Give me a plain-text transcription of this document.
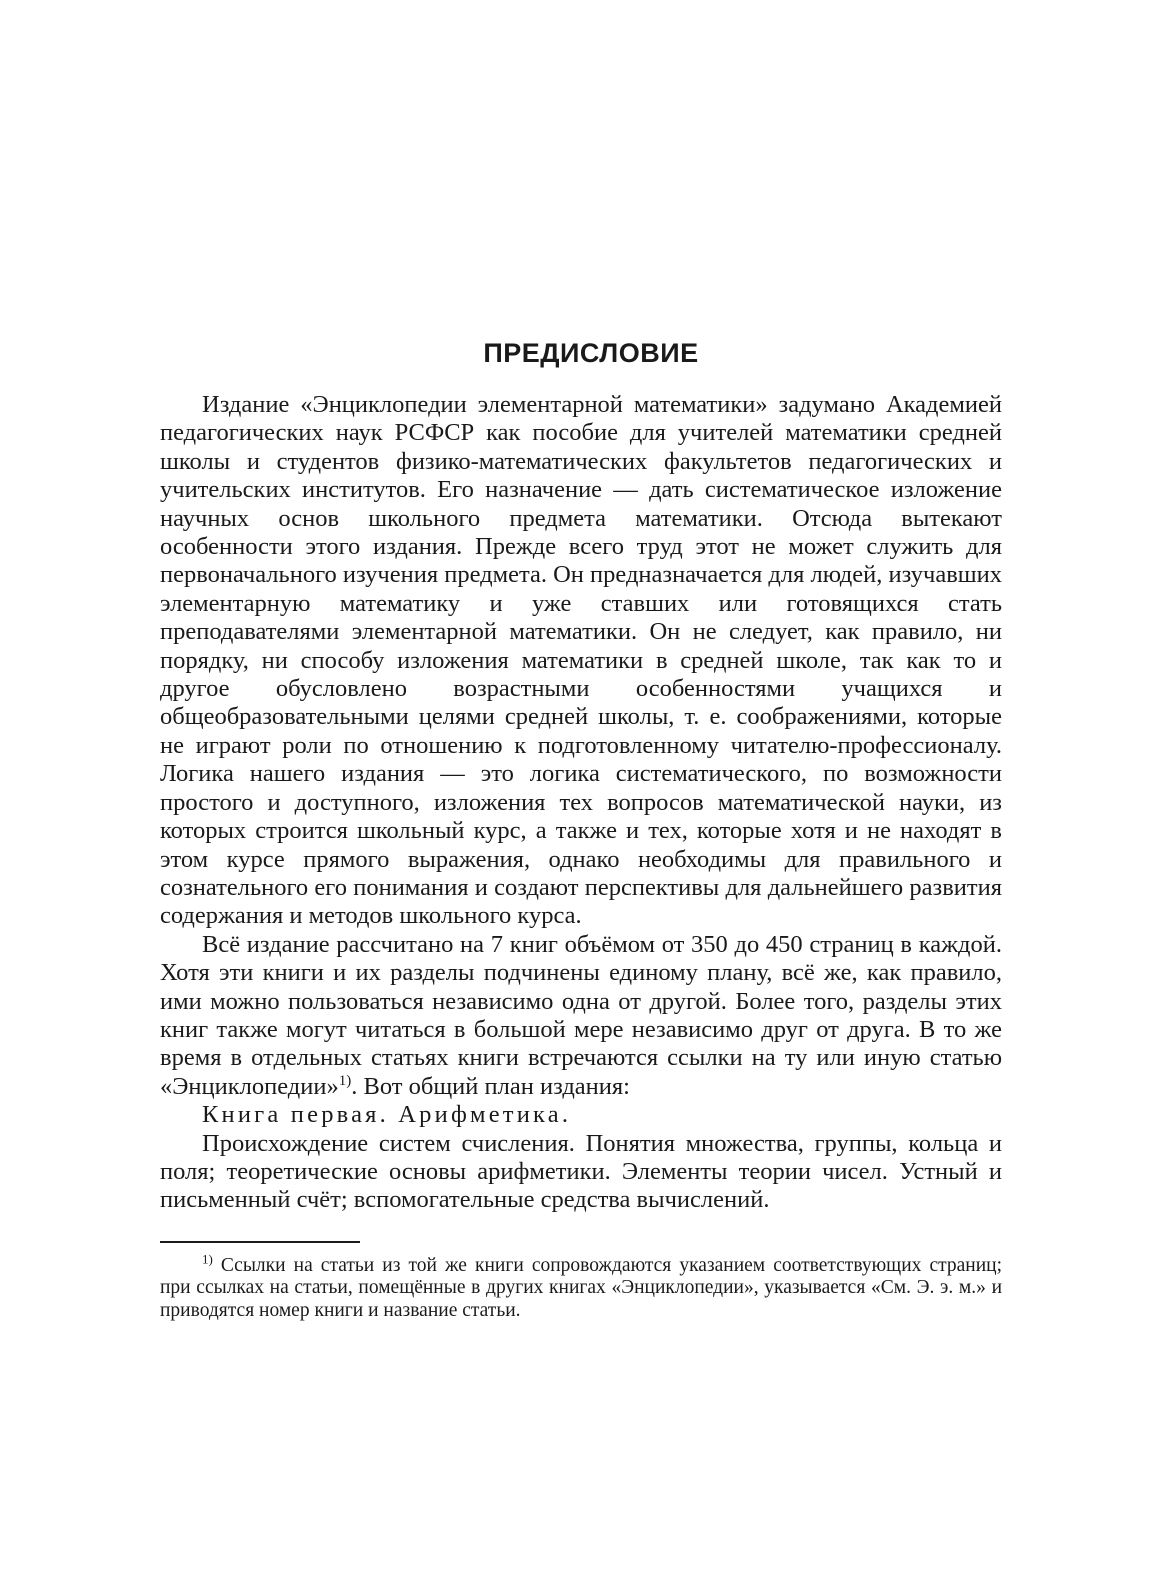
ПРЕДИСЛОВИЕ

Издание «Энциклопедии элементарной математики» задумано Академией педагогических наук РСФСР как пособие для учителей математики средней школы и студентов физико-математических факультетов педагогических и учительских институтов. Его назначение — дать систематическое изложение научных основ школьного предмета математики. Отсюда вытекают особенности этого издания. Прежде всего труд этот не может служить для первоначального изучения предмета. Он предназначается для людей, изучавших элементарную математику и уже ставших или готовящихся стать преподавателями элементарной математики. Он не следует, как правило, ни порядку, ни способу изложения математики в средней школе, так как то и другое обусловлено возрастными особенностями учащихся и общеобразовательными целями средней школы, т. е. соображениями, которые не играют роли по отношению к подготовленному читателю-профессионалу. Логика нашего издания — это логика систематического, по возможности простого и доступного, изложения тех вопросов математической науки, из которых строится школьный курс, а также и тех, которые хотя и не находят в этом курсе прямого выражения, однако необходимы для правильного и сознательного его понимания и создают перспективы для дальнейшего развития содержания и методов школьного курса.

Всё издание рассчитано на 7 книг объёмом от 350 до 450 страниц в каждой. Хотя эти книги и их разделы подчинены единому плану, всё же, как правило, ими можно пользоваться независимо одна от другой. Более того, разделы этих книг также могут читаться в большой мере независимо друг от друга. В то же время в отдельных статьях книги встречаются ссылки на ту или иную статью «Энциклопедии»$^{1)}$. Вот общий план издания:

Книга первая. Арифметика.

Происхождение систем счисления. Понятия множества, группы, кольца и поля; теоретические основы арифметики. Элементы теории чисел. Устный и письменный счёт; вспомогательные средства вычислений.

$^{1)}$ Ссылки на статьи из той же книги сопровождаются указанием соответствующих страниц; при ссылках на статьи, помещённые в других книгах «Энциклопедии», указывается «См. Э. э. м.» и приводятся номер книги и название статьи.
